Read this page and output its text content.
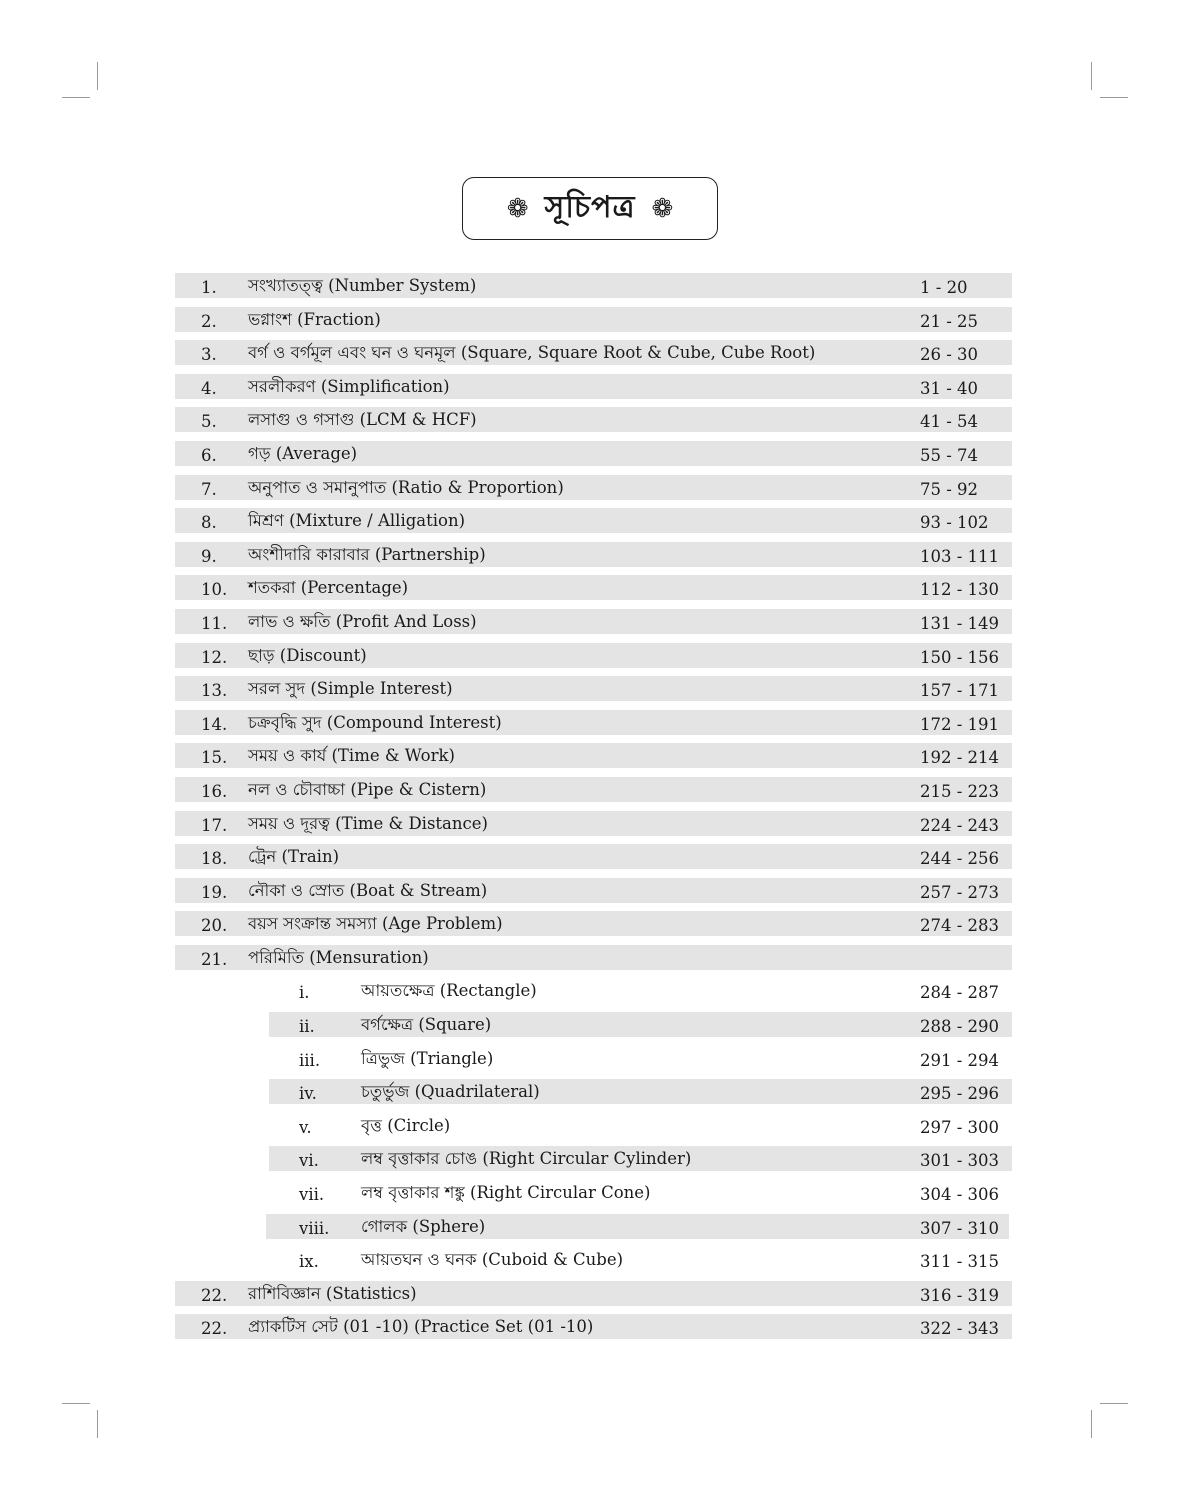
❁ সূচিপত্র ❁
1. সংখ্যাতত্ত্ব (Number System)	1 - 20
2. ভগ্নাংশ (Fraction)	21 - 25
3. বর্গ ও বর্গমূল এবং ঘন ও ঘনমূল (Square, Square Root & Cube, Cube Root)	26 - 30
4. সরলীকরণ (Simplification)	31 - 40
5. লসাগু ও গসাগু (LCM & HCF)	41 - 54
6. গড় (Average)	55 - 74
7. অনুপাত ও সমানুপাত (Ratio & Proportion)	75 - 92
8. মিশ্রণ (Mixture / Alligation)	93 - 102
9. অংশীদারি কারাবার (Partnership)	103 - 111
10. শতকরা (Percentage)	112 - 130
11. লাভ ও ক্ষতি (Profit And Loss)	131 - 149
12. ছাড় (Discount)	150 - 156
13. সরল সুদ (Simple Interest)	157 - 171
14. চক্রবৃদ্ধি সুদ (Compound Interest)	172 - 191
15. সময় ও কার্য (Time & Work)	192 - 214
16. নল ও চৌবাচ্চা (Pipe & Cistern)	215 - 223
17. সময় ও দূরত্ব (Time & Distance)	224 - 243
18. ট্রেন (Train)	244 - 256
19. নৌকা ও স্রোত (Boat & Stream)	257 - 273
20. বয়স সংক্রান্ত সমস্যা (Age Problem)	274 - 283
21. পরিমিতি (Mensuration)
i.	আয়তক্ষেত্র (Rectangle)	284 - 287
ii.	বর্গক্ষেত্র (Square)	288 - 290
iii. ত্রিভুজ (Triangle)	291 - 294
iv.	চতুর্ভুজ (Quadrilateral)	295 - 296
v.	বৃত্ত (Circle)	297 - 300
vi.	লম্ব বৃত্তাকার চোঙ (Right Circular Cylinder)	301 - 303
vii. লম্ব বৃত্তাকার শঙ্কু (Right Circular Cone)	304 - 306
viii. গোলক (Sphere)	307 - 310
ix.	আয়তঘন ও ঘনক (Cuboid & Cube)	311 - 315
22. রাশিবিজ্ঞান (Statistics)	316 - 319
22. প্র্যাকটিস সেট (01 -10) (Practice Set (01 -10)	322 - 343
